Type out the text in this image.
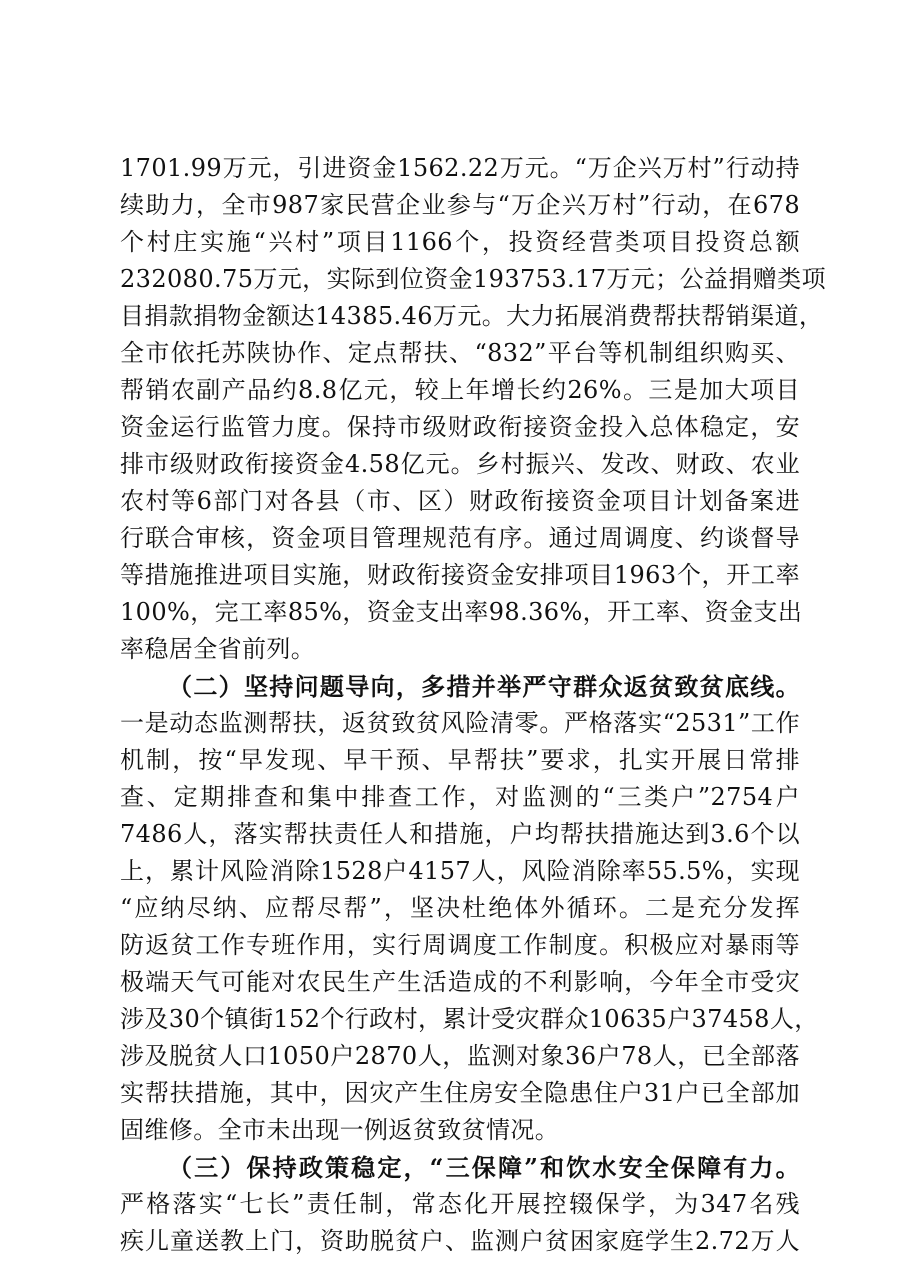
1701.99万元，引进资金1562.22万元。“万企兴万村”行动持
续助力，全市987家民营企业参与“万企兴万村”行动，在678
个村庄实施“兴村”项目1166个，投资经营类项目投资总额
232080.75万元，实际到位资金193753.17万元；公益捐赠类项
目捐款捐物金额达14385.46万元。大力拓展消费帮扶帮销渠道，
全市依托苏陕协作、定点帮扶、“832”平台等机制组织购买、
帮销农副产品约8.8亿元，较上年增长约26%。三是加大项目
资金运行监管力度。保持市级财政衔接资金投入总体稳定，安
排市级财政衔接资金4.58亿元。乡村振兴、发改、财政、农业
农村等6部门对各县（市、区）财政衔接资金项目计划备案进
行联合审核，资金项目管理规范有序。通过周调度、约谈督导
等措施推进项目实施，财政衔接资金安排项目1963个，开工率
100%，完工率85%，资金支出率98.36%，开工率、资金支出
率稳居全省前列。
（二）坚持问题导向，多措并举严守群众返贫致贫底线。
一是动态监测帮扶，返贫致贫风险清零。严格落实“2531”工作
机制，按“早发现、早干预、早帮扶”要求，扎实开展日常排
查、定期排查和集中排查工作，对监测的“三类户”2754户
7486人，落实帮扶责任人和措施，户均帮扶措施达到3.6个以
上，累计风险消除1528户4157人，风险消除率55.5%，实现
“应纳尽纳、应帮尽帮”，坚决杜绝体外循环。二是充分发挥
防返贫工作专班作用，实行周调度工作制度。积极应对暴雨等
极端天气可能对农民生产生活造成的不利影响，今年全市受灾
涉及30个镇街152个行政村，累计受灾群众10635户37458人，
涉及脱贫人口1050户2870人，监测对象36户78人，已全部落
实帮扶措施，其中，因灾产生住房安全隐患住户31户已全部加
固维修。全市未出现一例返贫致贫情况。
（三）保持政策稳定，“三保障”和饮水安全保障有力。
严格落实“七长”责任制，常态化开展控辍保学，为347名残
疾儿童送教上门，资助脱贫户、监测户贫困家庭学生2.72万人
